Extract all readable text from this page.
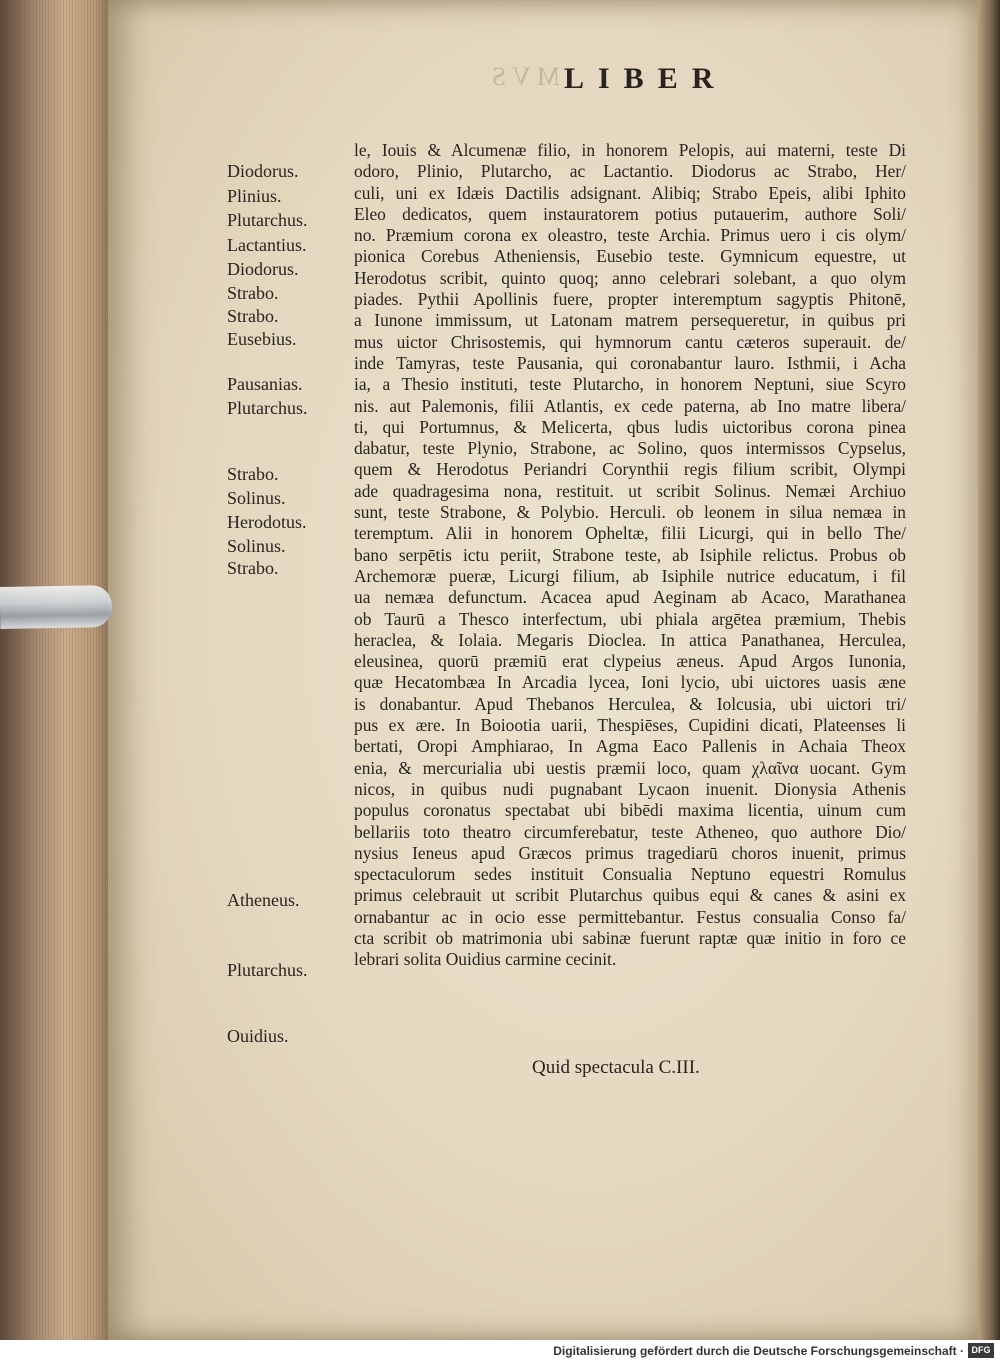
MVS LIBER
Diodorus.
Plinius.
Plutarchus.
Lactantius.
Diodorus.
Strabo.
Strabo.
Eusebius.
Pausanias.
Plutarchus.
Strabo.
Solinus.
Herodotus.
Solinus.
Strabo.
Atheneus.
Plutarchus.
Ouidius.
le, Iouis & Alcumenæ filio, in honorem Pelopis, aui materni, teste Di
odoro, Plinio, Plutarcho, ac Lactantio. Diodorus ac Strabo, Her/
culi, uni ex Idæis Dactilis adsignant. Alibiq; Strabo Epeis, alibi Iphito
Eleo dedicatos, quem instauratorem potius putauerim, authore Soli/
no. Præmium corona ex oleastro, teste Archia. Primus uero i cis olym/
pionica Corebus Atheniensis, Eusebio teste. Gymnicum equestre, ut
Herodotus scribit, quinto quoq; anno celebrari solebant, a quo olym
piades. Pythii Apollinis fuere, propter interemptum sagyptis Phitonē,
a Iunone immissum, ut Latonam matrem persequeretur, in quibus pri
mus uictor Chrisostemis, qui hymnorum cantu cæteros superauit. de/
inde Tamyras, teste Pausania, qui coronabantur lauro. Isthmii, i Acha
ia, a Thesio instituti, teste Plutarcho, in honorem Neptuni, siue Scyro
nis. aut Palemonis, filii Atlantis, ex cede paterna, ab Ino matre libera/
ti, qui Portumnus, & Melicerta, qbus ludis uictoribus corona pinea
dabatur, teste Plynio, Strabone, ac Solino, quos intermissos Cypselus,
quem & Herodotus Periandri Corynthii regis filium scribit, Olympi
ade quadragesima nona, restituit. ut scribit Solinus. Nemæi Archiuo
sunt, teste Strabone, & Polybio. Herculi. ob leonem in silua nemæa in
teremptum. Alii in honorem Opheltæ, filii Licurgi, qui in bello The/
bano serpētis ictu periit, Strabone teste, ab Isiphile relictus. Probus ob
Archemoræ pueræ, Licurgi filium, ab Isiphile nutrice educatum, i fil
ua nemæa defunctum. Acacea apud Aeginam ab Acaco, Marathanea
ob Taurū a Thesco interfectum, ubi phiala argētea præmium, Thebis
heraclea, & Iolaia. Megaris Dioclea. In attica Panathanea, Herculea,
eleusinea, quorū præmiū erat clypeius æneus. Apud Argos Iunonia,
quæ Hecatombæa In Arcadia lycea, Ioni lycio, ubi uictores uasis æne
is donabantur. Apud Thebanos Herculea, & Iolcusia, ubi uictori tri/
pus ex ære. In Boiootia uarii, Thespiēses, Cupidini dicati, Plateenses li
bertati, Oropi Amphiarao, In Agma Eaco Pallenis in Achaia Theox
enia, & mercurialia ubi uestis præmii loco, quam χλαῖνα uocant. Gym
nicos, in quibus nudi pugnabant Lycaon inuenit. Dionysia Athenis
populus coronatus spectabat ubi bibēdi maxima licentia, uinum cum
bellariis toto theatro circumferebatur, teste Atheneo, quo authore Dio/
nysius Ieneus apud Græcos primus tragediarū choros inuenit, primus
spectaculorum sedes instituit Consualia Neptuno equestri Romulus
primus celebrauit ut scribit Plutarchus quibus equi & canes & asini ex
ornabantur ac in ocio esse permittebantur. Festus consualia Conso fa/
cta scribit ob matrimonia ubi sabinæ fuerunt raptæ quæ initio in foro ce
lebrari solita Ouidius carmine cecinit.
Quid spectacula C.III.
Digitalisierung gefördert durch die Deutsche Forschungsgemeinschaft · DFG
